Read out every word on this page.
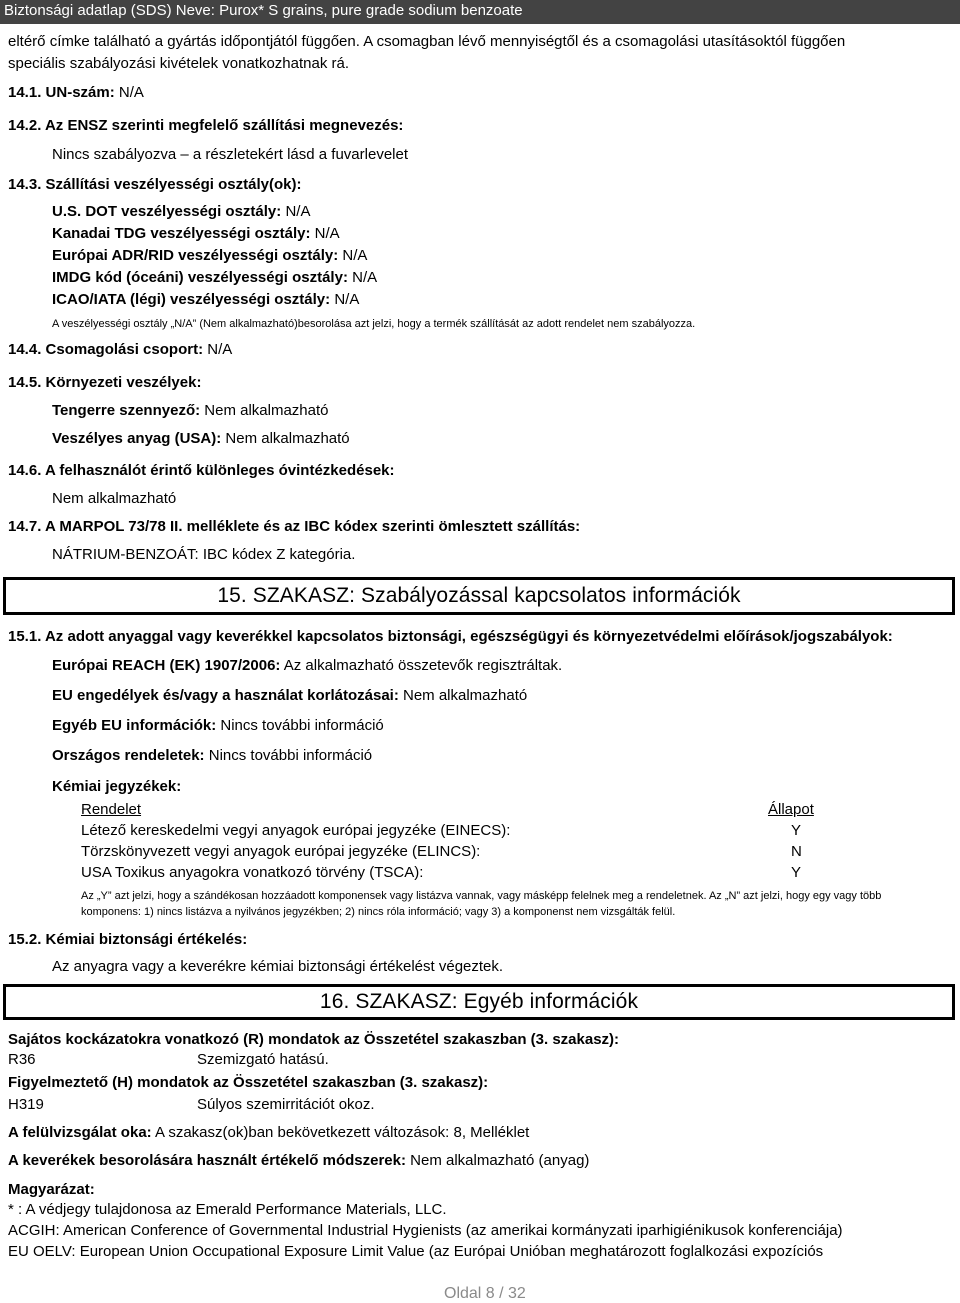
Biztonsági adatlap (SDS) Neve: Purox* S grains, pure grade sodium benzoate
eltérő címke található a gyártás időpontjától függően. A csomagban lévő mennyiségtől és a csomagolási utasításoktól függően
speciális szabályozási kivételek vonatkozhatnak rá.
14.1. UN-szám: N/A
14.2. Az ENSZ szerinti megfelelő szállítási megnevezés:
Nincs szabályozva – a részletekért lásd a fuvarlevelet
14.3. Szállítási veszélyességi osztály(ok):
U.S. DOT veszélyességi osztály: N/A
Kanadai TDG veszélyességi osztály: N/A
Európai ADR/RID veszélyességi osztály: N/A
IMDG kód (óceáni) veszélyességi osztály: N/A
ICAO/IATA (légi) veszélyességi osztály: N/A
A veszélyességi osztály „N/A” (Nem alkalmazható)besorolása azt jelzi, hogy a termék szállítását az adott rendelet nem szabályozza.
14.4. Csomagolási csoport: N/A
14.5. Környezeti veszélyek:
Tengerre szennyező: Nem alkalmazható
Veszélyes anyag (USA): Nem alkalmazható
14.6. A felhasználót érintő különleges óvintézkedések:
Nem alkalmazható
14.7. A MARPOL 73/78 II. melléklete és az IBC kódex szerinti ömlesztett szállítás:
NÁTRIUM-BENZOÁT: IBC kódex Z kategória.
15. SZAKASZ: Szabályozással kapcsolatos információk
15.1. Az adott anyaggal vagy keverékkel kapcsolatos biztonsági, egészségügyi és környezetvédelmi előírások/jogszabályok:
Európai REACH (EK) 1907/2006: Az alkalmazható összetevők regisztráltak.
EU engedélyek és/vagy a használat korlátozásai: Nem alkalmazható
Egyéb EU információk: Nincs további információ
Országos rendeletek: Nincs további információ
Kémiai jegyzékek:
Rendelet	Állapot
Létező kereskedelmi vegyi anyagok európai jegyzéke (EINECS):	Y
Törzskönyvezett vegyi anyagok európai jegyzéke (ELINCS):	N
USA Toxikus anyagokra vonatkozó törvény (TSCA):	Y
Az „Y” azt jelzi, hogy a szándékosan hozzáadott komponensek vagy listázva vannak, vagy másképp felelnek meg a rendeletnek. Az „N” azt jelzi, hogy egy vagy több
komponens: 1) nincs listázva a nyilvános jegyzékben; 2) nincs róla információ; vagy 3) a komponenst nem vizsgálták felül.
15.2. Kémiai biztonsági értékelés:
Az anyagra vagy a keverékre kémiai biztonsági értékelést végeztek.
16. SZAKASZ: Egyéb információk
Sajátos kockázatokra vonatkozó (R) mondatok az Összetétel szakaszban (3. szakasz):
R36	Szemizgató hatású.
Figyelmeztető (H) mondatok az Összetétel szakaszban (3. szakasz):
H319	Súlyos szemirritációt okoz.
A felülvizsgálat oka: A szakasz(ok)ban bekövetkezett változások: 8, Melléklet
A keverékek besorolására használt értékelő módszerek: Nem alkalmazható (anyag)
Magyarázat:
* : A védjegy tulajdonosa az Emerald Performance Materials, LLC.
ACGIH: American Conference of Governmental Industrial Hygienists (az amerikai kormányzati iparhigiénikusok konferenciája)
EU OELV: European Union Occupational Exposure Limit Value (az Európai Unióban meghatározott foglalkozási expozíciós
Oldal 8 / 32
